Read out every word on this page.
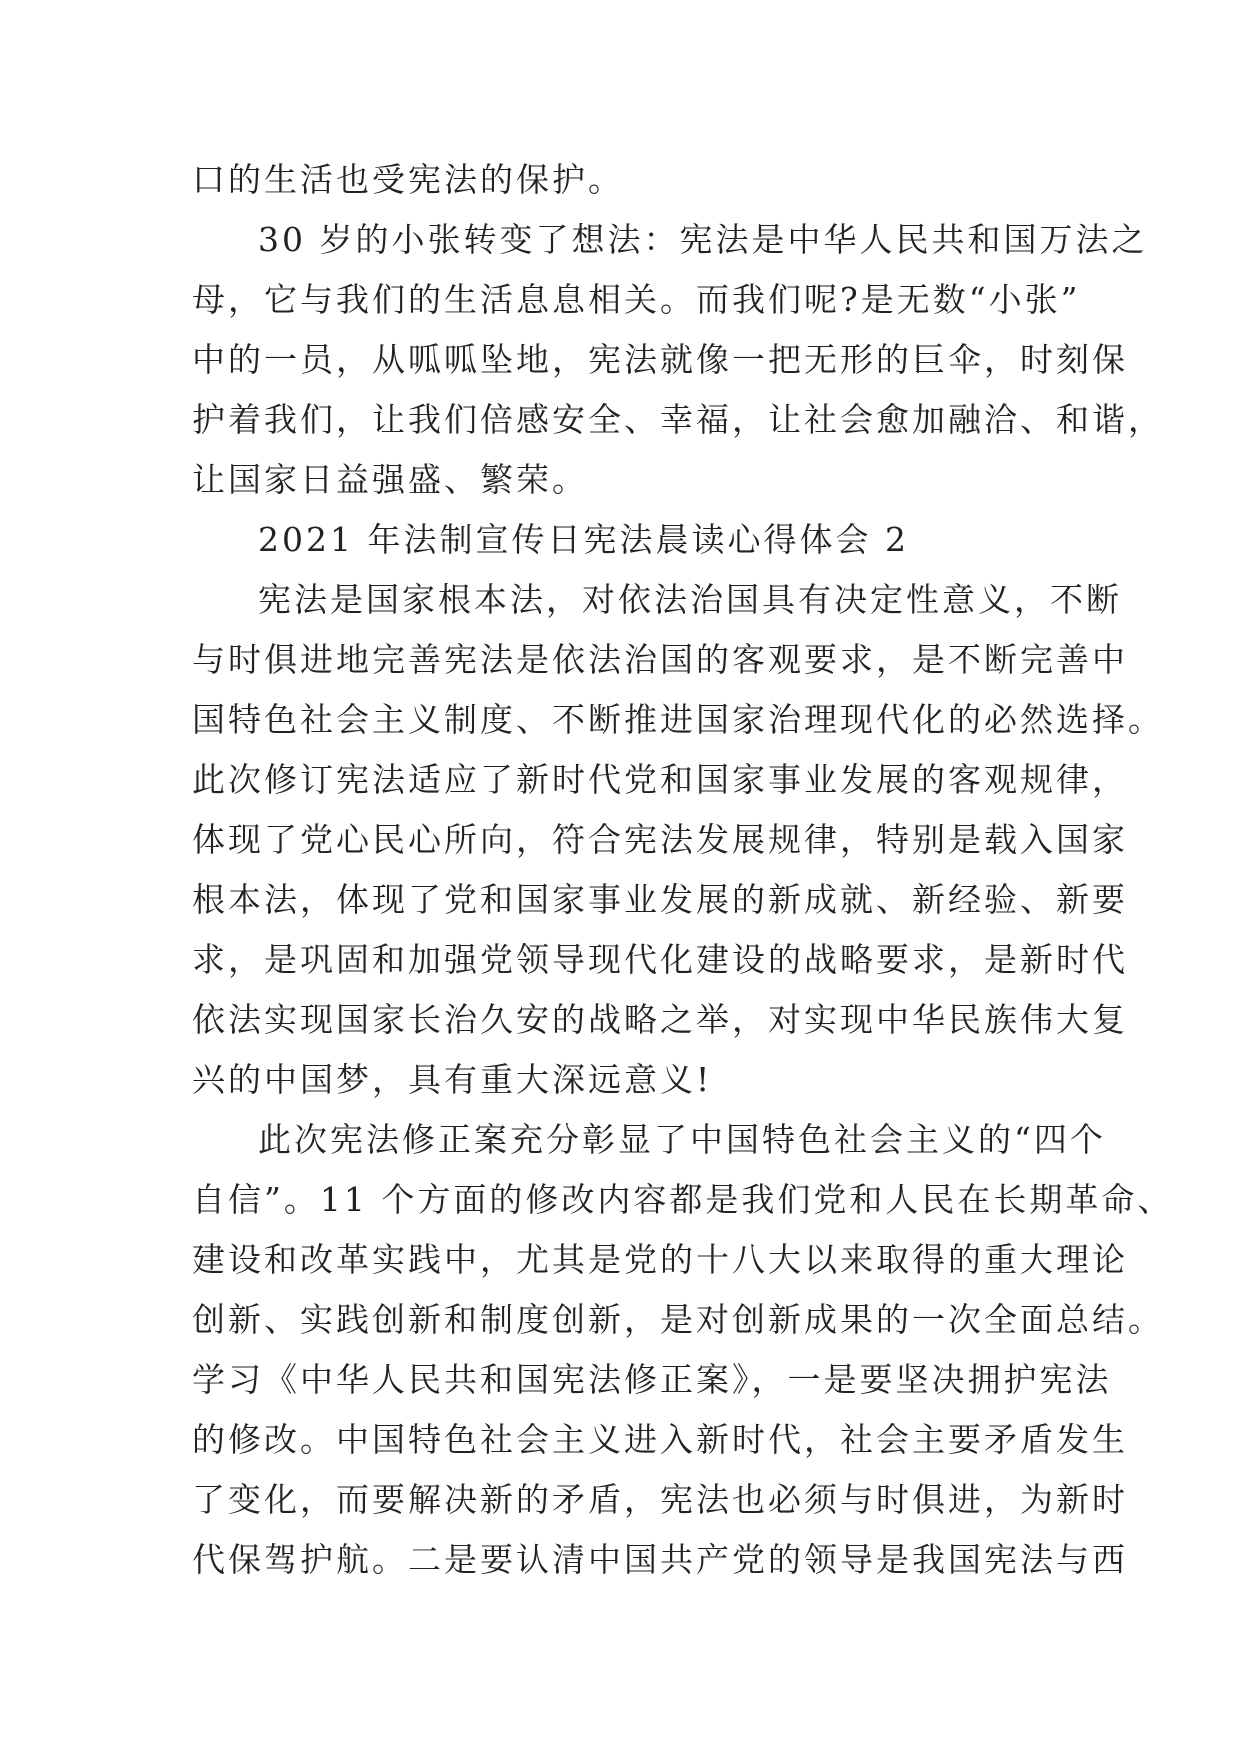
口的生活也受宪法的保护。
30 岁的小张转变了想法：宪法是中华人民共和国万法之
母，它与我们的生活息息相关。而我们呢?是无数“小张”
中的一员，从呱呱坠地，宪法就像一把无形的巨伞，时刻保
护着我们，让我们倍感安全、幸福，让社会愈加融洽、和谐，
让国家日益强盛、繁荣。
2021 年法制宣传日宪法晨读心得体会 2
宪法是国家根本法，对依法治国具有决定性意义，不断
与时俱进地完善宪法是依法治国的客观要求，是不断完善中
国特色社会主义制度、不断推进国家治理现代化的必然选择。
此次修订宪法适应了新时代党和国家事业发展的客观规律，
体现了党心民心所向，符合宪法发展规律，特别是载入国家
根本法，体现了党和国家事业发展的新成就、新经验、新要
求，是巩固和加强党领导现代化建设的战略要求，是新时代
依法实现国家长治久安的战略之举，对实现中华民族伟大复
兴的中国梦，具有重大深远意义!
此次宪法修正案充分彰显了中国特色社会主义的“四个
自信”。11 个方面的修改内容都是我们党和人民在长期革命、
建设和改革实践中，尤其是党的十八大以来取得的重大理论
创新、实践创新和制度创新，是对创新成果的一次全面总结。
学习《中华人民共和国宪法修正案》，一是要坚决拥护宪法
的修改。中国特色社会主义进入新时代，社会主要矛盾发生
了变化，而要解决新的矛盾，宪法也必须与时俱进，为新时
代保驾护航。二是要认清中国共产党的领导是我国宪法与西
